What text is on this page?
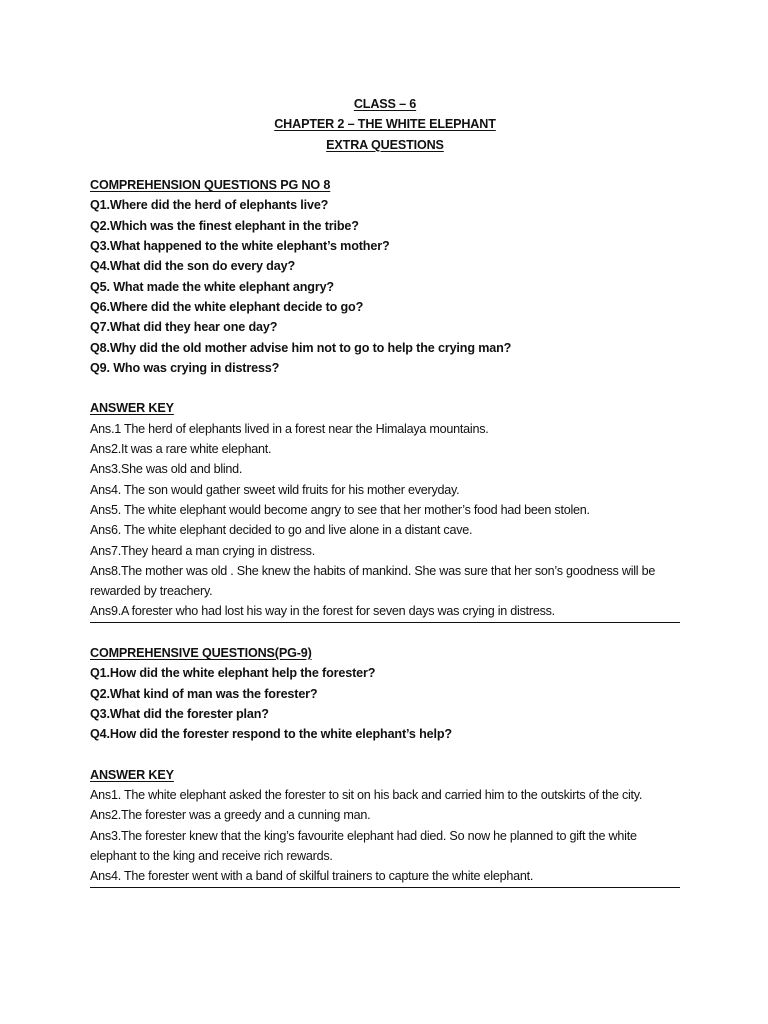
CLASS – 6
CHAPTER 2 – THE WHITE ELEPHANT
EXTRA QUESTIONS
COMPREHENSION QUESTIONS PG NO 8
Q1.Where did the herd of elephants live?
Q2.Which was the finest elephant in the tribe?
Q3.What happened to the white elephant’s mother?
Q4.What did the son do every day?
Q5. What made the white elephant angry?
Q6.Where did the white elephant decide to go?
Q7.What did they hear one day?
Q8.Why did the old mother advise him not to go to help the crying man?
Q9. Who was crying in distress?
ANSWER KEY
Ans.1 The herd of elephants lived in a forest near the Himalaya mountains.
Ans2.It was a rare white elephant.
Ans3.She was old and blind.
Ans4. The son would gather sweet wild fruits for his mother everyday.
Ans5. The white elephant would become angry to see that her mother’s food had been stolen.
Ans6. The white elephant decided to go and live alone in a distant cave.
Ans7.They heard a man crying in distress.
Ans8.The mother was old . She knew the habits of mankind. She was sure that her son’s goodness will be rewarded by treachery.
Ans9.A forester who had lost his way in the forest for seven days was crying in distress.
COMPREHENSIVE QUESTIONS(PG-9)
Q1.How did the white elephant help the forester?
Q2.What kind of man was the forester?
Q3.What did the forester plan?
Q4.How did the forester respond to the white elephant’s help?
ANSWER KEY
Ans1. The white elephant asked the forester to sit on his back and carried him to the outskirts of the city.
Ans2.The forester was a greedy and a cunning man.
Ans3.The forester knew that the king’s favourite elephant had died. So now he planned to gift the white elephant to the king and receive rich rewards.
Ans4. The forester went with a band of skilful trainers to capture the white elephant.
